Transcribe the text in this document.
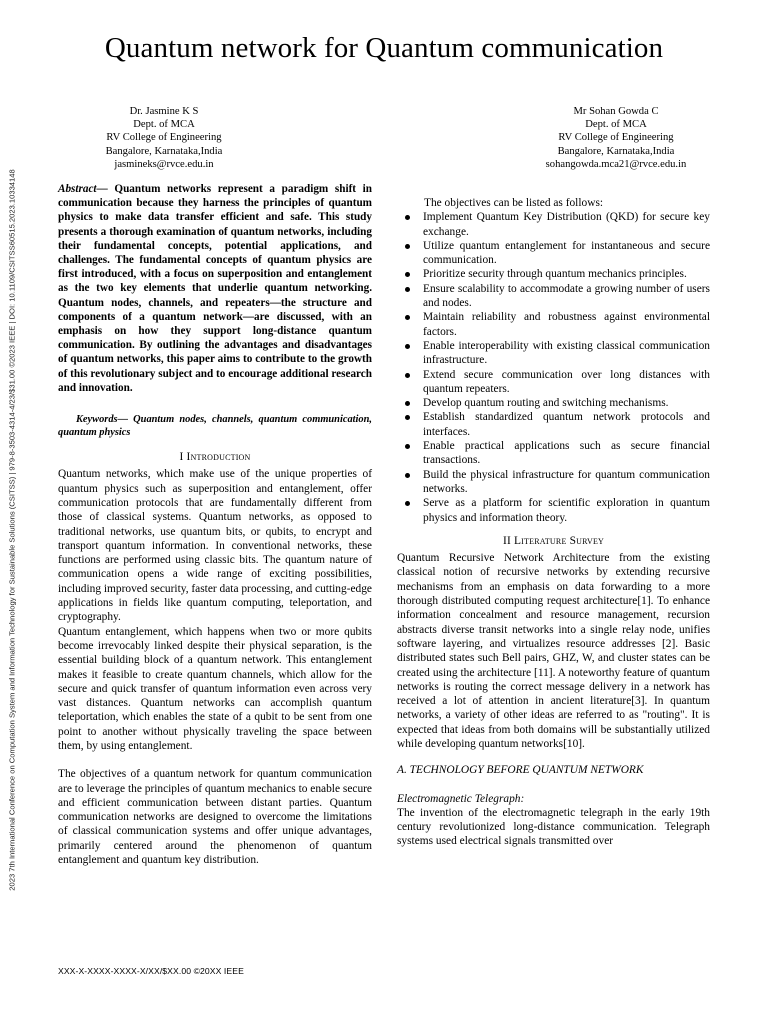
2023 7th International Conference on Computation System and Information Technology for Sustainable Solutions (CSITSS) | 979-8-3503-4314-4/23/$31.00 ©2023 IEEE | DOI: 10.1109/CSITSS60515.2023.10334148
Quantum network for Quantum communication
Dr. Jasmine K S
Dept. of MCA
RV College of Engineering
Bangalore, Karnataka,India
jasmineks@rvce.edu.in
Mr Sohan Gowda C
Dept. of MCA
RV College of Engineering
Bangalore, Karnataka,India
sohangowda.mca21@rvce.edu.in

Abstract— Quantum networks represent a paradigm shift in communication because they harness the principles of quantum physics to make data transfer efficient and safe. This study presents a thorough examination of quantum networks, including their fundamental concepts, potential applications, and challenges. The fundamental concepts of quantum physics are first introduced, with a focus on superposition and entanglement as the two key elements that underlie quantum networking. Quantum nodes, channels, and repeaters—the structure and components of a quantum network—are discussed, with an emphasis on how they support long-distance quantum communication. By outlining the advantages and disadvantages of quantum networks, this paper aims to contribute to the growth of this revolutionary subject and to encourage additional research and innovation.

Keywords— Quantum nodes, channels, quantum communication, quantum physics

I Introduction

Quantum networks, which make use of the unique properties of quantum physics such as superposition and entanglement, offer communication protocols that are fundamentally different from those of classical systems. Quantum networks, as opposed to traditional networks, use quantum bits, or qubits, to encrypt and transport quantum information. In conventional networks, these functions are performed using classic bits. The quantum nature of communication opens a wide range of exciting possibilities, including improved security, faster data processing, and cutting-edge applications in fields like quantum computing, teleportation, and cryptography.

Quantum entanglement, which happens when two or more qubits become irrevocably linked despite their physical separation, is the essential building block of a quantum network. This entanglement makes it feasible to create quantum channels, which allow for the secure and quick transfer of quantum information even across very vast distances. Quantum networks can accomplish quantum teleportation, which enables the state of a qubit to be sent from one point to another without physically traveling the space between them, by using entanglement.

The objectives of a quantum network for quantum communication are to leverage the principles of quantum mechanics to enable secure and efficient communication between distant parties. Quantum communication networks are designed to overcome the limitations of classical communication systems and offer unique advantages, primarily centered around the phenomenon of quantum entanglement and quantum key distribution.

The objectives can be listed as follows:

Implement Quantum Key Distribution (QKD) for secure key exchange.
Utilize quantum entanglement for instantaneous and secure communication.
Prioritize security through quantum mechanics principles.
Ensure scalability to accommodate a growing number of users and nodes.
Maintain reliability and robustness against environmental factors.
Enable interoperability with existing classical communication infrastructure.
Extend secure communication over long distances with quantum repeaters.
Develop quantum routing and switching mechanisms.
Establish standardized quantum network protocols and interfaces.
Enable practical applications such as secure financial transactions.
Build the physical infrastructure for quantum communication networks.
Serve as a platform for scientific exploration in quantum physics and information theory.
II Literature Survey

Quantum Recursive Network Architecture from the existing classical notion of recursive networks by extending recursive mechanisms from an emphasis on data forwarding to a more thorough distributed computing request architecture[1]. To enhance information concealment and resource management, recursion abstracts diverse transit networks into a single relay node, unifies software layering, and virtualizes resource addresses [2]. Basic distributed states such Bell pairs, GHZ, W, and cluster states can be created using the architecture [11]. A noteworthy feature of quantum networks is routing the correct message delivery in a network has received a lot of attention in ancient literature[3]. In quantum networks, a variety of other ideas are referred to as "routing". It is expected that ideas from both domains will be substantially utilized while developing quantum networks[10].

A. TECHNOLOGY BEFORE QUANTUM NETWORK

Electromagnetic Telegraph:

The invention of the electromagnetic telegraph in the early 19th century revolutionized long-distance communication. Telegraph systems used electrical signals transmitted over

XXX-X-XXXX-XXXX-X/XX/$XX.00 ©20XX IEEE
